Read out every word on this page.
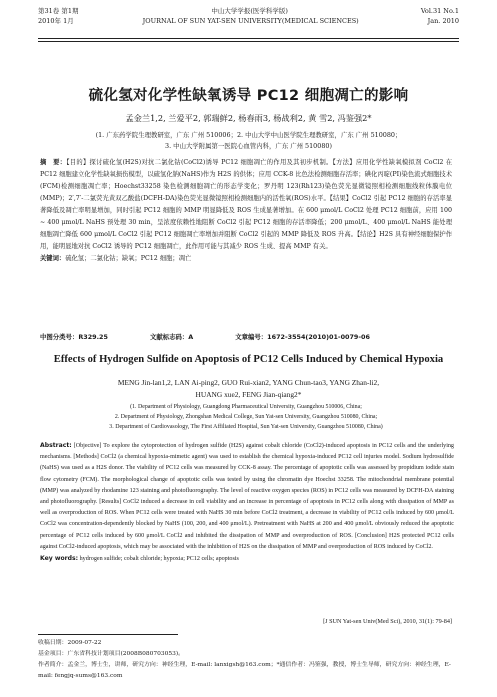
第31卷 第1期	中山大学学报(医学科学版)	Vol.31 No.1
2010年 1月	JOURNAL OF SUN YAT-SEN UNIVERSITY(MEDICAL SCIENCES)	Jan. 2010
硫化氢对化学性缺氧诱导 PC12 细胞凋亡的影响
孟金兰1,2, 兰爱平2, 郭瑞鲜2, 杨春雨3, 杨战利2, 黄 雪2, 冯鉴强2*
(1. 广东药学院生理教研室，广东 广州 510006；2. 中山大学中山医学院生理教研室，广东 广州 510080；
3. 中山大学附属第一医院心血管内科，广东 广州 510080)
摘　要：【目的】探讨硫化氢(H2S)对抗二氯化钴(CoCl2)诱导 PC12 细胞凋亡的作用及其初步机制。【方法】应用化学性缺氧模拟剂 CoCl2 在 PC12 细胞建立化学性缺氧损伤模型，以硫氢化钠(NaHS)作为 H2S 的供体；应用 CCK-8 比色法检测细胞存活率；碘化丙啶(PI)染色流式细胞技术(FCM)检测细胞凋亡率；Hoechst33258 染色检测细胞凋亡的形态学变化；罗丹明 123(Rh123)染色荧光显微镜照相检测细胞线粒体膜电位(MMP)；2′,7′-二氯荧光黄双乙酸盐(DCFH-DA)染色荧光显微镜照相检测细胞内的活性氧(ROS)水平。【结果】CoCl2 引起 PC12 细胞的存活率显著降低及凋亡率明显增加，同时引起 PC12 细胞的 MMP 明显降低及 ROS 生成显著增加。在 600 μmol/L CoCl2 处理 PC12 细胞前，应用 100 ~ 400 μmol/L NaHS 预处理 30 min，呈浓度依赖性地阻断 CoCl2 引起 PC12 细胞的存活率降低；200 μmol/L、400 μmol/L NaHS 能处理细胞凋亡降低 600 μmol/L CoCl2 引起 PC12 细胞凋亡率增加并阻断 CoCl2 引起的 MMP 降低及 ROS 升高。【结论】H2S 具有神经细胞保护作用，能明显地对抗 CoCl2 诱导的 PC12 细胞凋亡，此作用可能与其减少 ROS 生成、提高 MMP 有关。
关键词：硫化氢；二氯化钴；缺氧；PC12 细胞；凋亡
中图分类号：R329.25	文献标志码：A	文章编号：1672-3554(2010)01-0079-06
Effects of Hydrogen Sulfide on Apoptosis of PC12 Cells Induced by Chemical Hypoxia
MENG Jin-lan1,2, LAN Ai-ping2, GUO Rui-xian2, YANG Chun-tao3, YANG Zhan-li2,
HUANG xue2, FENG Jian-qiang2*
(1. Department of Physiology, Guangdong Pharmaceutical University, Guangzhou 510006, China;
2. Department of Physiology, Zhongshan Medical College, Sun Yat-sen University, Guangzhou 510080, China;
3. Department of Cardiovasology, The First Affiliated Hospital, Sun Yat-sen University, Guangzhou 510080, China)
Abstract: [Objective] To explore the cytoprotection of hydrogen sulfide (H2S) against cobalt chloride (CoCl2)-induced apoptosis in PC12 cells and the underlying mechanisms. [Methods] CoCl2 (a chemical hypoxia-mimetic agent) was used to establish the chemical hypoxia-induced PC12 cell injuries model. Sodium hydrosulfide (NaHS) was used as a H2S donor. The viability of PC12 cells was measured by CCK-8 assay. The percentage of apoptotic cells was assessed by propidium iodide stain flow cytometry (FCM). The morphological change of apoptotic cells was tested by using the chromatin dye Hoechst 33258. The mitochondrial membrane potential (MMP) was analyzed by rhodamine 123 staining and photofluorography. The level of reactive oxygen species (ROS) in PC12 cells was measured by DCFH-DA staining and photofluorography. [Results] CoCl2 induced a decrease in cell viability and an increase in percentage of apoptosis in PC12 cells along with dissipation of MMP as well as overproduction of ROS. When PC12 cells were treated with NaHS 30 min before CoCl2 treatment, a decrease in viability of PC12 cells induced by 600 μmol/L CoCl2 was concentration-dependently blocked by NaHS (100, 200, and 400 μmol/L). Pretreatment with NaHS at 200 and 400 μmol/L obviously reduced the apoptotic percentage of PC12 cells induced by 600 μmol/L CoCl2 and inhibited the dissipation of MMP and overproduction of ROS. [Conclusion] H2S protected PC12 cells against CoCl2-induced apoptosis, which may be associated with the inhibition of H2S on the dissipation of MMP and overproduction of ROS induced by CoCl2.
Key words: hydrogen sulfide; cobalt chloride; hypoxia; PC12 cells; apoptosis
[J SUN Yat-sen Univ(Med Sci), 2010, 31(1): 79-84]
收稿日期：2009-07-22
基金项目：广东省科技计划项目(2008B080703053)。
作者简介：孟金兰，博士生，讲师，研究方向：神经生理，E-mail: lanxigsh@163.com；*通信作者：冯鉴强，教授，博士生导师，研究方向：神经生理，E-mail: fengjq-sums@163.com
